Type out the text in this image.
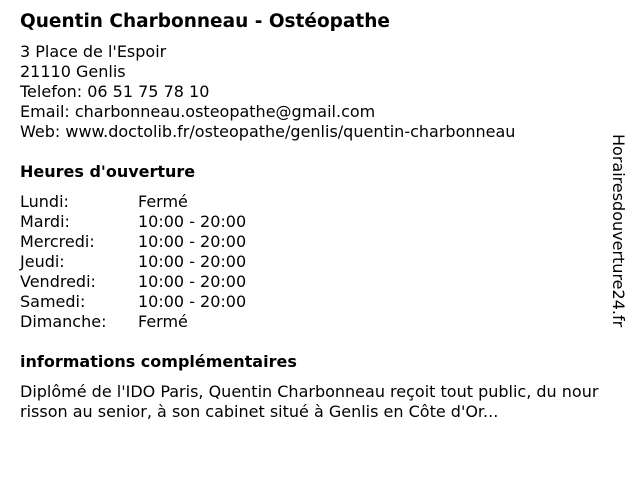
Quentin Charbonneau - Ostéopathe
3 Place de l'Espoir
21110 Genlis
Telefon: 06 51 75 78 10
Email: charbonneau.osteopathe@gmail.com
Web: www.doctolib.fr/osteopathe/genlis/quentin-charbonneau
Heures d'ouverture
Lundi:	Fermé
Mardi:	10:00 - 20:00
Mercredi:	10:00 - 20:00
Jeudi:	10:00 - 20:00
Vendredi:	10:00 - 20:00
Samedi:	10:00 - 20:00
Dimanche:	Fermé
informations complémentaires
Diplômé de l'IDO Paris, Quentin Charbonneau reçoit tout public, du nourrisson au senior, à son cabinet situé à Genlis en Côte d'Or...
Horairesdouverture24.fr
